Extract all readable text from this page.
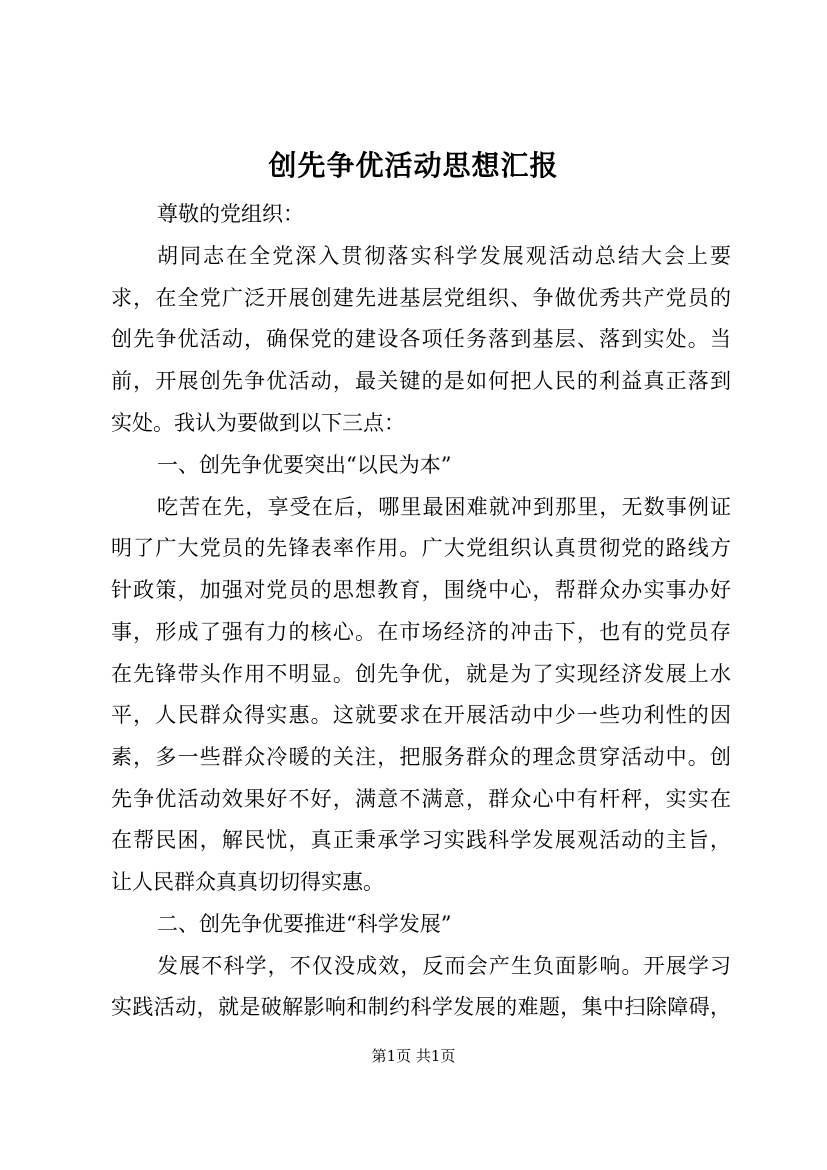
创先争优活动思想汇报
尊敬的党组织：
胡同志在全党深入贯彻落实科学发展观活动总结大会上要
求，在全党广泛开展创建先进基层党组织、争做优秀共产党员的
创先争优活动，确保党的建设各项任务落到基层、落到实处。当
前，开展创先争优活动，最关键的是如何把人民的利益真正落到
实处。我认为要做到以下三点：
一、创先争优要突出“以民为本”
吃苦在先，享受在后，哪里最困难就冲到那里，无数事例证
明了广大党员的先锋表率作用。广大党组织认真贯彻党的路线方
针政策，加强对党员的思想教育，围绕中心，帮群众办实事办好
事，形成了强有力的核心。在市场经济的冲击下，也有的党员存
在先锋带头作用不明显。创先争优，就是为了实现经济发展上水
平，人民群众得实惠。这就要求在开展活动中少一些功利性的因
素，多一些群众冷暖的关注，把服务群众的理念贯穿活动中。创
先争优活动效果好不好，满意不满意，群众心中有杆秤，实实在
在帮民困，解民忧，真正秉承学习实践科学发展观活动的主旨，
让人民群众真真切切得实惠。
二、创先争优要推进“科学发展”
发展不科学，不仅没成效，反而会产生负面影响。开展学习
实践活动，就是破解影响和制约科学发展的难题，集中扫除障碍，
第1页 共1页
